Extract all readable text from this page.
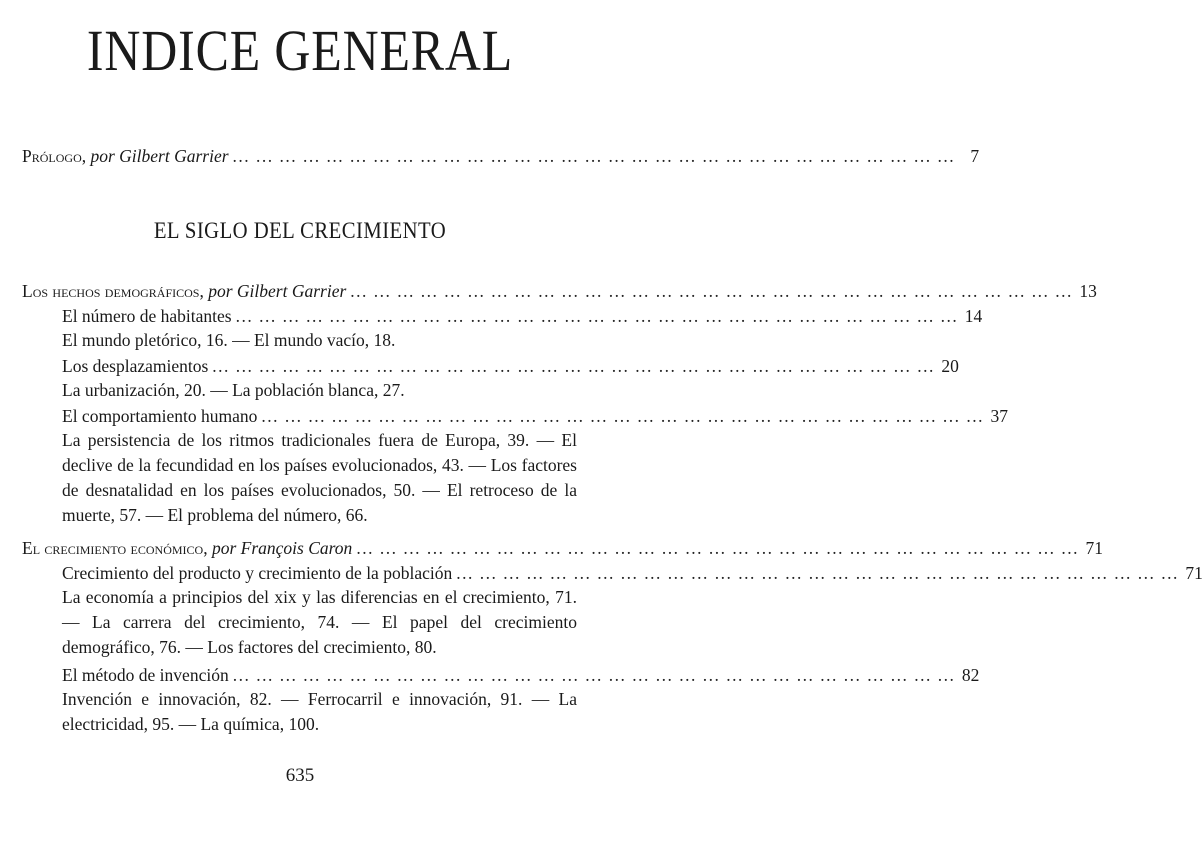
INDICE GENERAL
Prólogo, por Gilbert Garrier ... ... ... ... ... ... ... ... ... ... ... ... ... ... ... ... ... ... ... ... ... ... ... ... ... ... ... ... ... ... ... 7
EL SIGLO DEL CRECIMIENTO
Los hechos demográficos, por Gilbert Garrier ... ... ... ... ... ... ... ... ... ... ... ... ... ... ... ... ... ... ... ... ... ... ... ... ... ... ... ... ... ... ... 13
El número de habitantes ... ... ... ... ... ... ... ... ... ... ... ... ... ... ... ... ... ... ... ... ... ... ... ... ... ... ... ... ... ... ... 14
El mundo pletórico, 16. — El mundo vacío, 18.
Los desplazamientos ... ... ... ... ... ... ... ... ... ... ... ... ... ... ... ... ... ... ... ... ... ... ... ... ... ... ... ... ... ... ... 20
La urbanización, 20. — La población blanca, 27.
El comportamiento humano ... ... ... ... ... ... ... ... ... ... ... ... ... ... ... ... ... ... ... ... ... ... ... ... ... ... ... ... ... ... ... 37
La persistencia de los ritmos tradicionales fuera de Europa, 39. — El declive de la fecundidad en los países evolucionados, 43. — Los factores de desnatalidad en los países evolucionados, 50. — El retroceso de la muerte, 57. — El problema del número, 66.
El crecimiento económico, por François Caron ... ... ... ... ... ... ... ... ... ... ... ... ... ... ... ... ... ... ... ... ... ... ... ... ... ... ... ... ... ... ... 71
Crecimiento del producto y crecimiento de la población ... ... ... ... ... ... ... ... ... ... ... ... ... ... ... ... ... ... ... ... ... ... ... ... ... ... ... ... ... ... ... 71
La economía a principios del xix y las diferencias en el crecimiento, 71. — La carrera del crecimiento, 74. — El papel del crecimiento demográfico, 76. — Los factores del crecimiento, 80.
El método de invención ... ... ... ... ... ... ... ... ... ... ... ... ... ... ... ... ... ... ... ... ... ... ... ... ... ... ... ... ... ... ... 82
Invención e innovación, 82. — Ferrocarril e innovación, 91. — La electricidad, 95. — La química, 100.
635
